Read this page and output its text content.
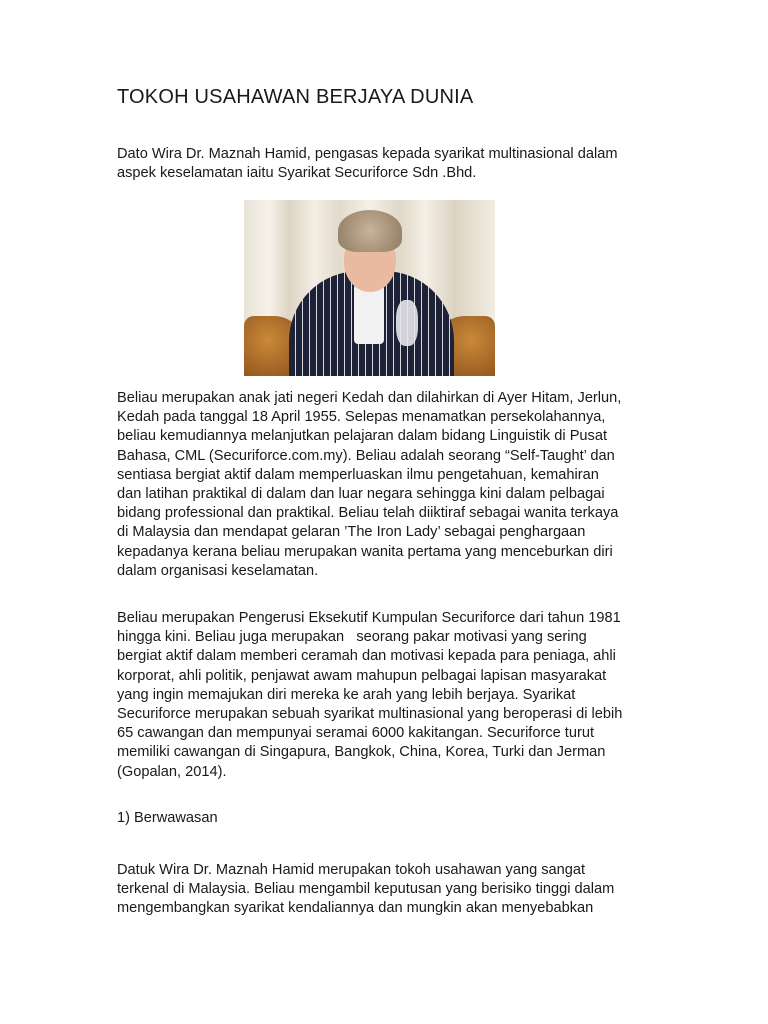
TOKOH USAHAWAN BERJAYA DUNIA
Dato Wira Dr. Maznah Hamid, pengasas kepada syarikat multinasional dalam
aspek keselamatan iaitu Syarikat Securiforce Sdn .Bhd.
Beliau merupakan anak jati negeri Kedah dan dilahirkan di Ayer Hitam, Jerlun,
Kedah pada tanggal 18 April 1955. Selepas menamatkan persekolahannya,
beliau kemudiannya melanjutkan pelajaran dalam bidang Linguistik di Pusat
Bahasa, CML (Securiforce.com.my). Beliau adalah seorang “Self-Taught’ dan
sentiasa bergiat aktif dalam memperluaskan ilmu pengetahuan, kemahiran
dan latihan praktikal di dalam dan luar negara sehingga kini dalam pelbagai
bidang professional dan praktikal. Beliau telah diiktiraf sebagai wanita terkaya
di Malaysia dan mendapat gelaran ’The Iron Lady’ sebagai penghargaan
kepadanya kerana beliau merupakan wanita pertama yang menceburkan diri
dalam organisasi keselamatan.
Beliau merupakan Pengerusi Eksekutif Kumpulan Securiforce dari tahun 1981
hingga kini. Beliau juga merupakan   seorang pakar motivasi yang sering
bergiat aktif dalam memberi ceramah dan motivasi kepada para peniaga, ahli
korporat, ahli politik, penjawat awam mahupun pelbagai lapisan masyarakat
yang ingin memajukan diri mereka ke arah yang lebih berjaya. Syarikat
Securiforce merupakan sebuah syarikat multinasional yang beroperasi di lebih
65 cawangan dan mempunyai seramai 6000 kakitangan. Securiforce turut
memiliki cawangan di Singapura, Bangkok, China, Korea, Turki dan Jerman
(Gopalan, 2014).
1) Berwawasan
Datuk Wira Dr. Maznah Hamid merupakan tokoh usahawan yang sangat
terkenal di Malaysia. Beliau mengambil keputusan yang berisiko tinggi dalam
mengembangkan syarikat kendaliannya dan mungkin akan menyebabkan
